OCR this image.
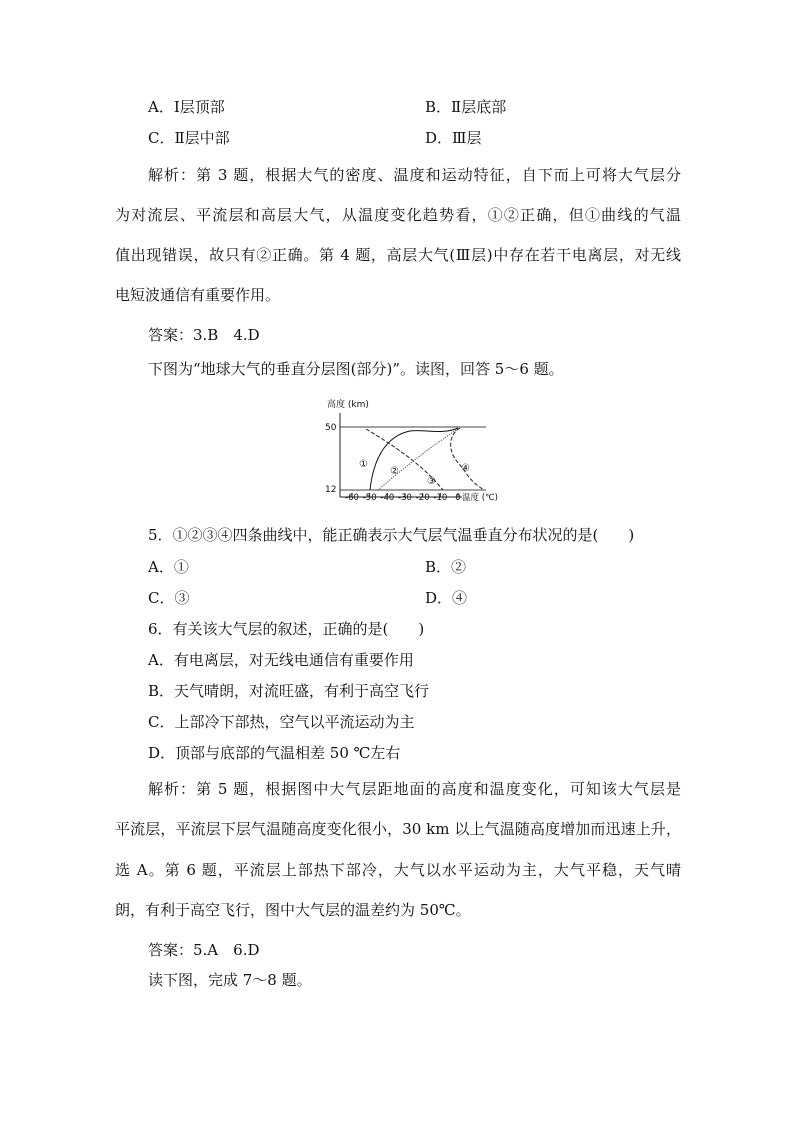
A．Ⅰ层顶部	B．Ⅱ层底部
C．Ⅱ层中部	D．Ⅲ层
解析：第 3 题，根据大气的密度、温度和运动特征，自下而上可将大气层分
为对流层、平流层和高层大气，从温度变化趋势看，①②正确，但①曲线的气温
值出现错误，故只有②正确。第 4 题，高层大气(Ⅲ层)中存在若干电离层，对无线
电短波通信有重要作用。
答案：3.B　4.D
下图为“地球大气的垂直分层图(部分)”。读图，回答 5～6 题。
高度 (km)
50
12
-60 -50 -40 -30 -20 -10 0 温度 (℃)
①
②
③
④
5．①②③④四条曲线中，能正确表示大气层气温垂直分布状况的是(　　)
A．①	B．②
C．③	D．④
6．有关该大气层的叙述，正确的是(　　)
A．有电离层，对无线电通信有重要作用
B．天气晴朗，对流旺盛，有利于高空飞行
C．上部冷下部热，空气以平流运动为主
D．顶部与底部的气温相差 50 ℃左右
解析：第 5 题，根据图中大气层距地面的高度和温度变化，可知该大气层是
平流层，平流层下层气温随高度变化很小，30 km 以上气温随高度增加而迅速上升，
选 A。第 6 题，平流层上部热下部冷，大气以水平运动为主，大气平稳，天气晴
朗，有利于高空飞行，图中大气层的温差约为 50℃。
答案：5.A　6.D
读下图，完成 7～8 题。
